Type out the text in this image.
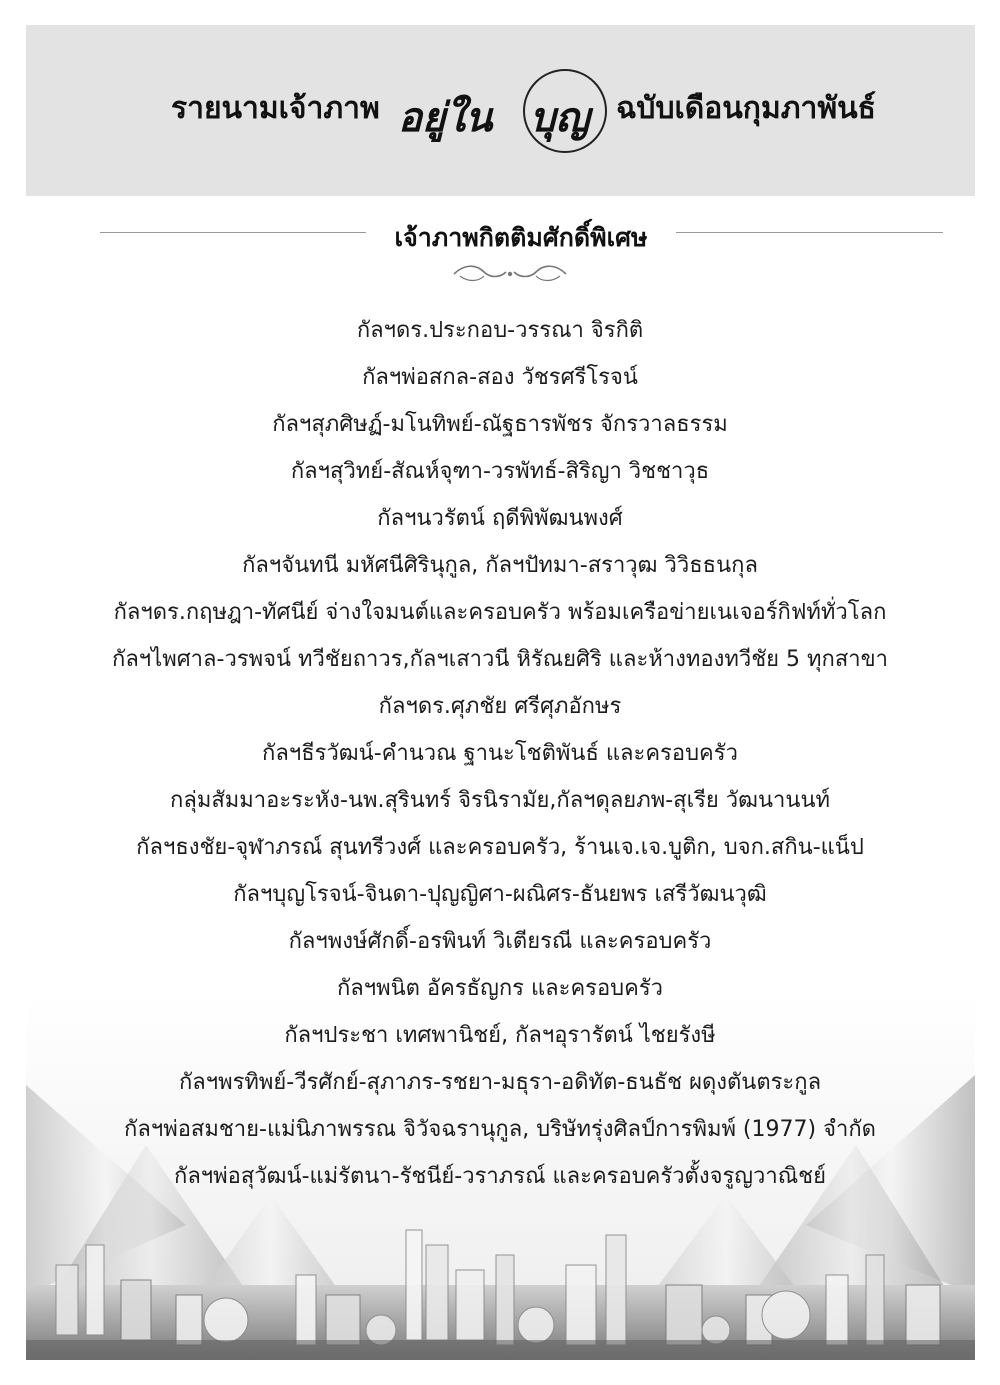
รายนามเจ้าภาพ อยู่ใน บุญ ฉบับเดือนกุมภาพันธ์
เจ้าภาพกิตติมศักดิ์พิเศษ
กัลฯดร.ประกอบ-วรรณา จิรกิติ
กัลฯพ่อสกล-สอง วัชรศรีโรจน์
กัลฯสุภศิษฏ์-มโนทิพย์-ณัฐธารพัชร จักรวาลธรรม
กัลฯสุวิทย์-สัณห์จุฑา-วรพัทธ์-สิริญา วิชชาวุธ
กัลฯนวรัตน์ ฤดีพิพัฒนพงศ์
กัลฯจันทนี มหัศนีศิรินุกูล, กัลฯปัทมา-สราวุฒ วิวิธธนกุล
กัลฯดร.กฤษฎา-ทัศนีย์ จ่างใจมนต์และครอบครัว พร้อมเครือข่ายเนเจอร์กิฟท์ทั่วโลก
กัลฯไพศาล-วรพจน์ ทวีชัยถาวร,กัลฯเสาวนี หิรัณยศิริ และห้างทองทวีชัย 5 ทุกสาขา
กัลฯดร.ศุภชัย ศรีศุภอักษร
กัลฯธีรวัฒน์-คำนวณ ฐานะโชติพันธ์ และครอบครัว
กลุ่มสัมมาอะระหัง-นพ.สุรินทร์ จิรนิรามัย,กัลฯดุลยภพ-สุเรีย วัฒนานนท์
กัลฯธงชัย-จุฬาภรณ์ สุนทรีวงศ์ และครอบครัว, ร้านเจ.เจ.บูติก, บจก.สกิน-แน็ป
กัลฯบุญโรจน์-จินดา-ปุญญิศา-ผณิศร-ธันยพร เสรีวัฒนวุฒิ
กัลฯพงษ์ศักดิ์-อรพินท์ วิเตียรณี และครอบครัว
กัลฯพนิต อัครธัญกร และครอบครัว
กัลฯประชา เทศพานิชย์, กัลฯอุรารัตน์ ไชยรังษี
กัลฯพรทิพย์-วีรศักย์-สุภาภร-รชยา-มธุรา-อดิทัต-ธนธัช ผดุงตันตระกูล
กัลฯพ่อสมชาย-แม่นิภาพรรณ จิวัจฉรานุกูล, บริษัทรุ่งศิลป์การพิมพ์ (1977) จำกัด
กัลฯพ่อสุวัฒน์-แม่รัตนา-รัชนีย์-วราภรณ์ และครอบครัวตั้งจรูญวาณิชย์
